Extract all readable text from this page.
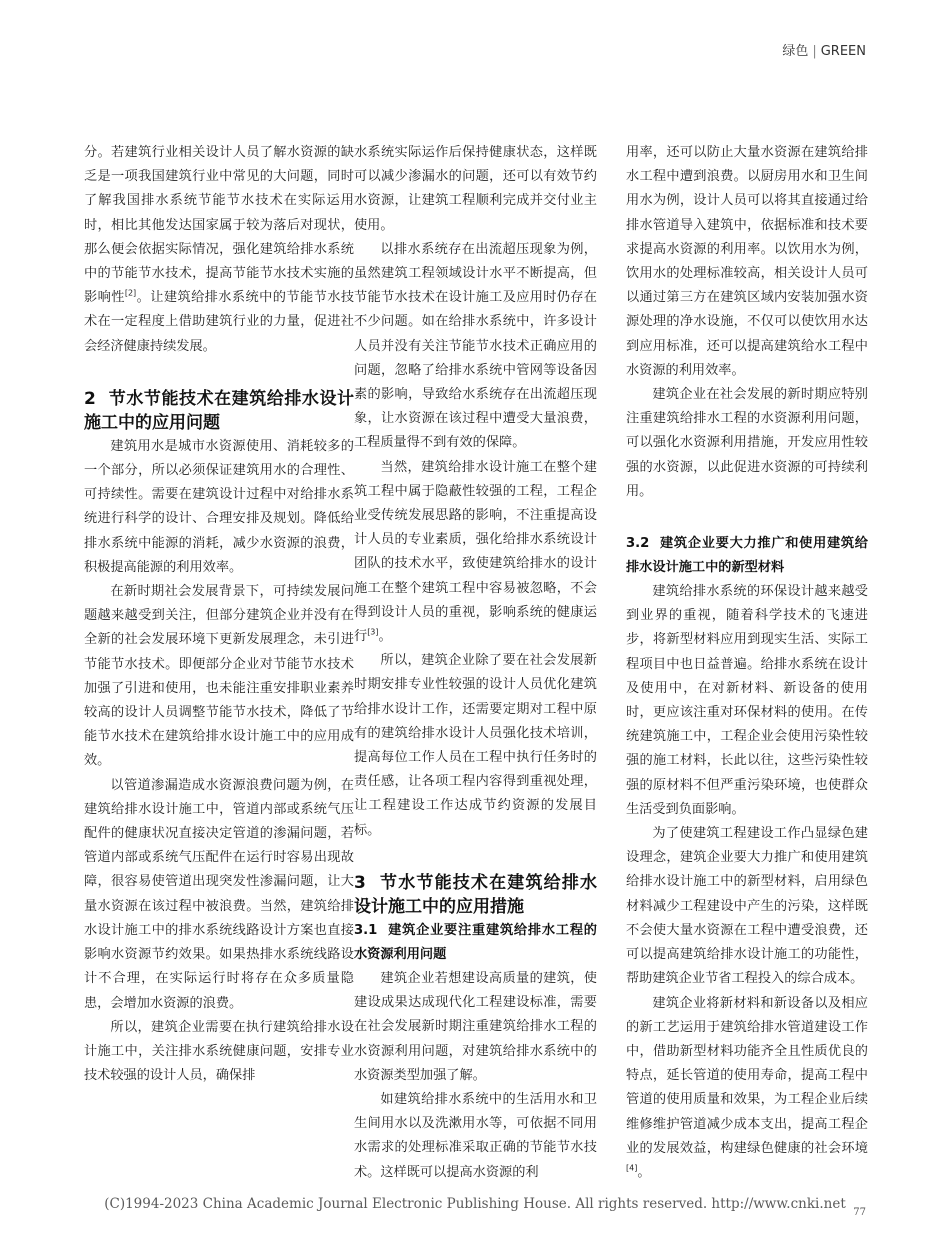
绿色 | GREEN

分。若建筑行业相关设计人员了解水资源的缺乏是一项我国建筑行业中常见的大问题，同时了解我国排水系统节能节水技术在实际运用时，相比其他发达国家属于较为落后对现状，那么便会依据实际情况，强化建筑给排水系统中的节能节水技术，提高节能节水技术实施的影响性[2]。让建筑给排水系统中的节能节水技术在一定程度上借助建筑行业的力量，促进社会经济健康持续发展。

2 节水节能技术在建筑给排水设计施工中的应用问题

建筑用水是城市水资源使用、消耗较多的一个部分，所以必须保证建筑用水的合理性、可持续性。需要在建筑设计过程中对给排水系统进行科学的设计、合理安排及规划。降低给排水系统中能源的消耗，减少水资源的浪费，积极提高能源的利用效率。

在新时期社会发展背景下，可持续发展问题越来越受到关注，但部分建筑企业并没有在全新的社会发展环境下更新发展理念，未引进节能节水技术。即便部分企业对节能节水技术加强了引进和使用，也未能注重安排职业素养较高的设计人员调整节能节水技术，降低了节能节水技术在建筑给排水设计施工中的应用成效。

以管道渗漏造成水资源浪费问题为例，在建筑给排水设计施工中，管道内部或系统气压配件的健康状况直接决定管道的渗漏问题，若管道内部或系统气压配件在运行时容易出现故障，很容易使管道出现突发性渗漏问题，让大量水资源在该过程中被浪费。当然，建筑给排水设计施工中的排水系统线路设计方案也直接影响水资源节约效果。如果热排水系统线路设计不合理，在实际运行时将存在众多质量隐患，会增加水资源的浪费。

所以，建筑企业需要在执行建筑给排水设计施工中，关注排水系统健康问题，安排专业技术较强的设计人员，确保排

水系统实际运作后保持健康状态，这样既可以减少渗漏水的问题，还可以有效节约水资源，让建筑工程顺利完成并交付业主使用。

以排水系统存在出流超压现象为例，虽然建筑工程领域设计水平不断提高，但节能节水技术在设计施工及应用时仍存在不少问题。如在给排水系统中，许多设计人员并没有关注节能节水技术正确应用的问题，忽略了给排水系统中管网等设备因素的影响，导致给水系统存在出流超压现象，让水资源在该过程中遭受大量浪费，工程质量得不到有效的保障。

当然，建筑给排水设计施工在整个建筑工程中属于隐蔽性较强的工程，工程企业受传统发展思路的影响，不注重提高设计人员的专业素质，强化给排水系统设计团队的技术水平，致使建筑给排水的设计施工在整个建筑工程中容易被忽略，不会得到设计人员的重视，影响系统的健康运行[3]。

所以，建筑企业除了要在社会发展新时期安排专业性较强的设计人员优化建筑给排水设计工作，还需要定期对工程中原有的建筑给排水设计人员强化技术培训，提高每位工作人员在工程中执行任务时的责任感，让各项工程内容得到重视处理，让工程建设工作达成节约资源的发展目标。

3 节水节能技术在建筑给排水设计施工中的应用措施
3.1 建筑企业要注重建筑给排水工程的水资源利用问题

建筑企业若想建设高质量的建筑，使建设成果达成现代化工程建设标准，需要在社会发展新时期注重建筑给排水工程的水资源利用问题，对建筑给排水系统中的水资源类型加强了解。

如建筑给排水系统中的生活用水和卫生间用水以及洗漱用水等，可依据不同用水需求的处理标准采取正确的节能节水技术。这样既可以提高水资源的利

用率，还可以防止大量水资源在建筑给排水工程中遭到浪费。以厨房用水和卫生间用水为例，设计人员可以将其直接通过给排水管道导入建筑中，依据标准和技术要求提高水资源的利用率。以饮用水为例，饮用水的处理标准较高，相关设计人员可以通过第三方在建筑区域内安装加强水资源处理的净水设施，不仅可以使饮用水达到应用标准，还可以提高建筑给水工程中水资源的利用效率。

建筑企业在社会发展的新时期应特别注重建筑给排水工程的水资源利用问题，可以强化水资源利用措施，开发应用性较强的水资源，以此促进水资源的可持续利用。

3.2 建筑企业要大力推广和使用建筑给排水设计施工中的新型材料

建筑给排水系统的环保设计越来越受到业界的重视，随着科学技术的飞速进步，将新型材料应用到现实生活、实际工程项目中也日益普遍。给排水系统在设计及使用中，在对新材料、新设备的使用时，更应该注重对环保材料的使用。在传统建筑施工中，工程企业会使用污染性较强的施工材料，长此以往，这些污染性较强的原材料不但严重污染环境，也使群众生活受到负面影响。

为了使建筑工程建设工作凸显绿色建设理念，建筑企业要大力推广和使用建筑给排水设计施工中的新型材料，启用绿色材料减少工程建设中产生的污染，这样既不会使大量水资源在工程中遭受浪费，还可以提高建筑给排水设计施工的功能性，帮助建筑企业节省工程投入的综合成本。

建筑企业将新材料和新设备以及相应的新工艺运用于建筑给排水管道建设工作中，借助新型材料功能齐全且性质优良的特点，延长管道的使用寿命，提高工程中管道的使用质量和效果，为工程企业后续维修维护管道减少成本支出，提高工程企业的发展效益，构建绿色健康的社会环境[4]。

(C)1994-2023 China Academic Journal Electronic Publishing House. All rights reserved. http://www.cnki.net
77
